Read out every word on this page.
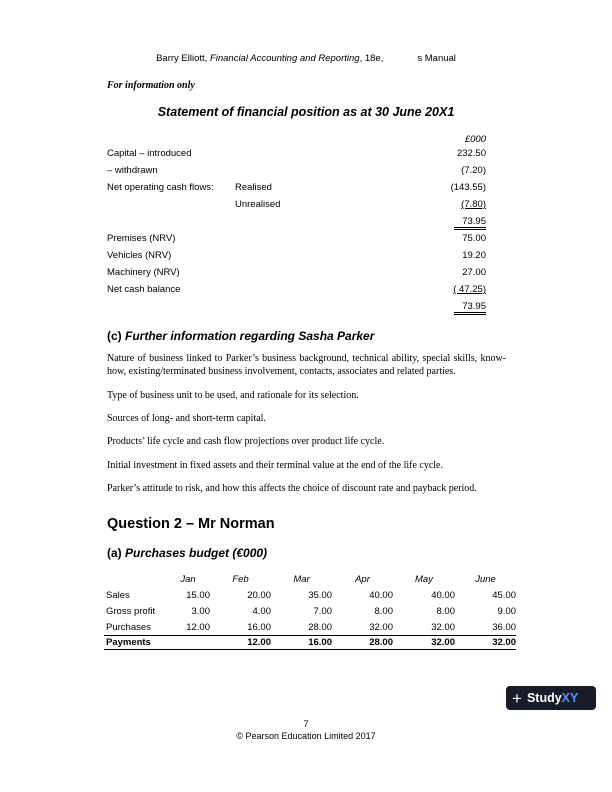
Barry Elliott, Financial Accounting and Reporting, 18e,	s Manual
For information only
Statement of financial position as at 30 June 20X1
£000
Capital – introduced	232.50
– withdrawn	(7.20)
Net operating cash flows: Realised	(143.55)
Unrealised	(7.80)
73.95
Premises (NRV)	75.00
Vehicles (NRV)	19.20
Machinery (NRV)	27.00
Net cash balance	( 47.25)
73.95
(c) Further information regarding Sasha Parker
Nature of business linked to Parker’s business background, technical ability, special skills, know-how, existing/terminated business involvement, contacts, associates and related parties.
Type of business unit to be used, and rationale for its selection.
Sources of long- and short-term capital.
Products’ life cycle and cash flow projections over product life cycle.
Initial investment in fixed assets and their terminal value at the end of the life cycle.
Parker’s attitude to risk, and how this affects the choice of discount rate and payback period.
Question 2 – Mr Norman
(a) Purchases budget (€000)
	Jan	Feb	Mar	Apr	May	June
Sales	15.00	20.00	35.00	40.00	40.00	45.00
Gross profit	3.00	4.00	7.00	8.00	8.00	9.00
Purchases	12.00	16.00	28.00	32.00	32.00	36.00
Payments		12.00	16.00	28.00	32.00	32.00
+ Study XY
7
© Pearson Education Limited 2017
